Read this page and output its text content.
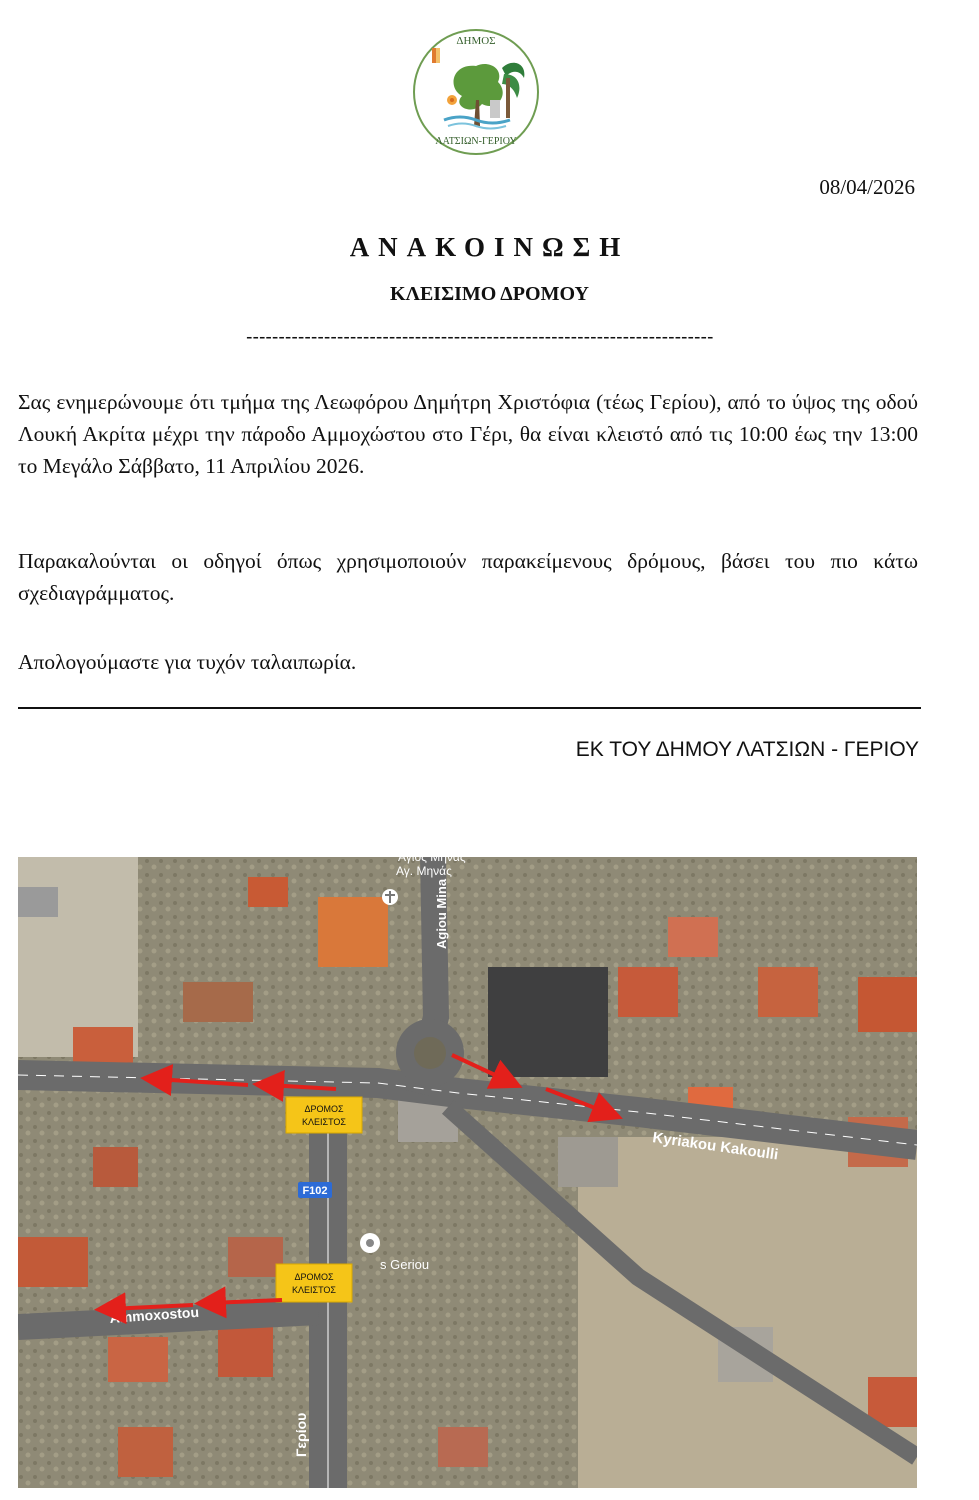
ΔΗΜΟΣ
ΛΑΤΣΙΩΝ-ΓΕΡΙΟΥ
08/04/2026
ΑΝΑΚΟΙΝΩΣΗ
ΚΛΕΙΣΙΜΟ ΔΡΟΜΟΥ
------------------------------------------------------------------------
Σας ενημερώνουμε ότι τμήμα της Λεωφόρου Δημήτρη Χριστόφια (τέως Γερίου), από το ύψος της οδού Λουκή Ακρίτα μέχρι την πάροδο Αμμοχώστου στο Γέρι, θα είναι κλειστό από τις 10:00 έως την 13:00 το Μεγάλο Σάββατο, 11 Απριλίου 2026.
Παρακαλούνται οι οδηγοί όπως χρησιμοποιούν παρακείμενους δρόμους, βάσει του πιο κάτω σχεδιαγράμματος.
Απολογούμαστε για τυχόν ταλαιπωρία.
ΕΚ ΤΟΥ ΔΗΜΟΥ ΛΑΤΣΙΩΝ - ΓΕΡΙΟΥ
Άγιος Μηνάς
Αγ. Μηνάς
Agiou Mina
Kyriakou Kakoulli
Ammoxostou
Γερίου
s Geriou
F102
ΔΡΟΜΟΣ
ΚΛΕΙΣΤΟΣ
ΔΡΟΜΟΣ
ΚΛΕΙΣΤΟΣ
